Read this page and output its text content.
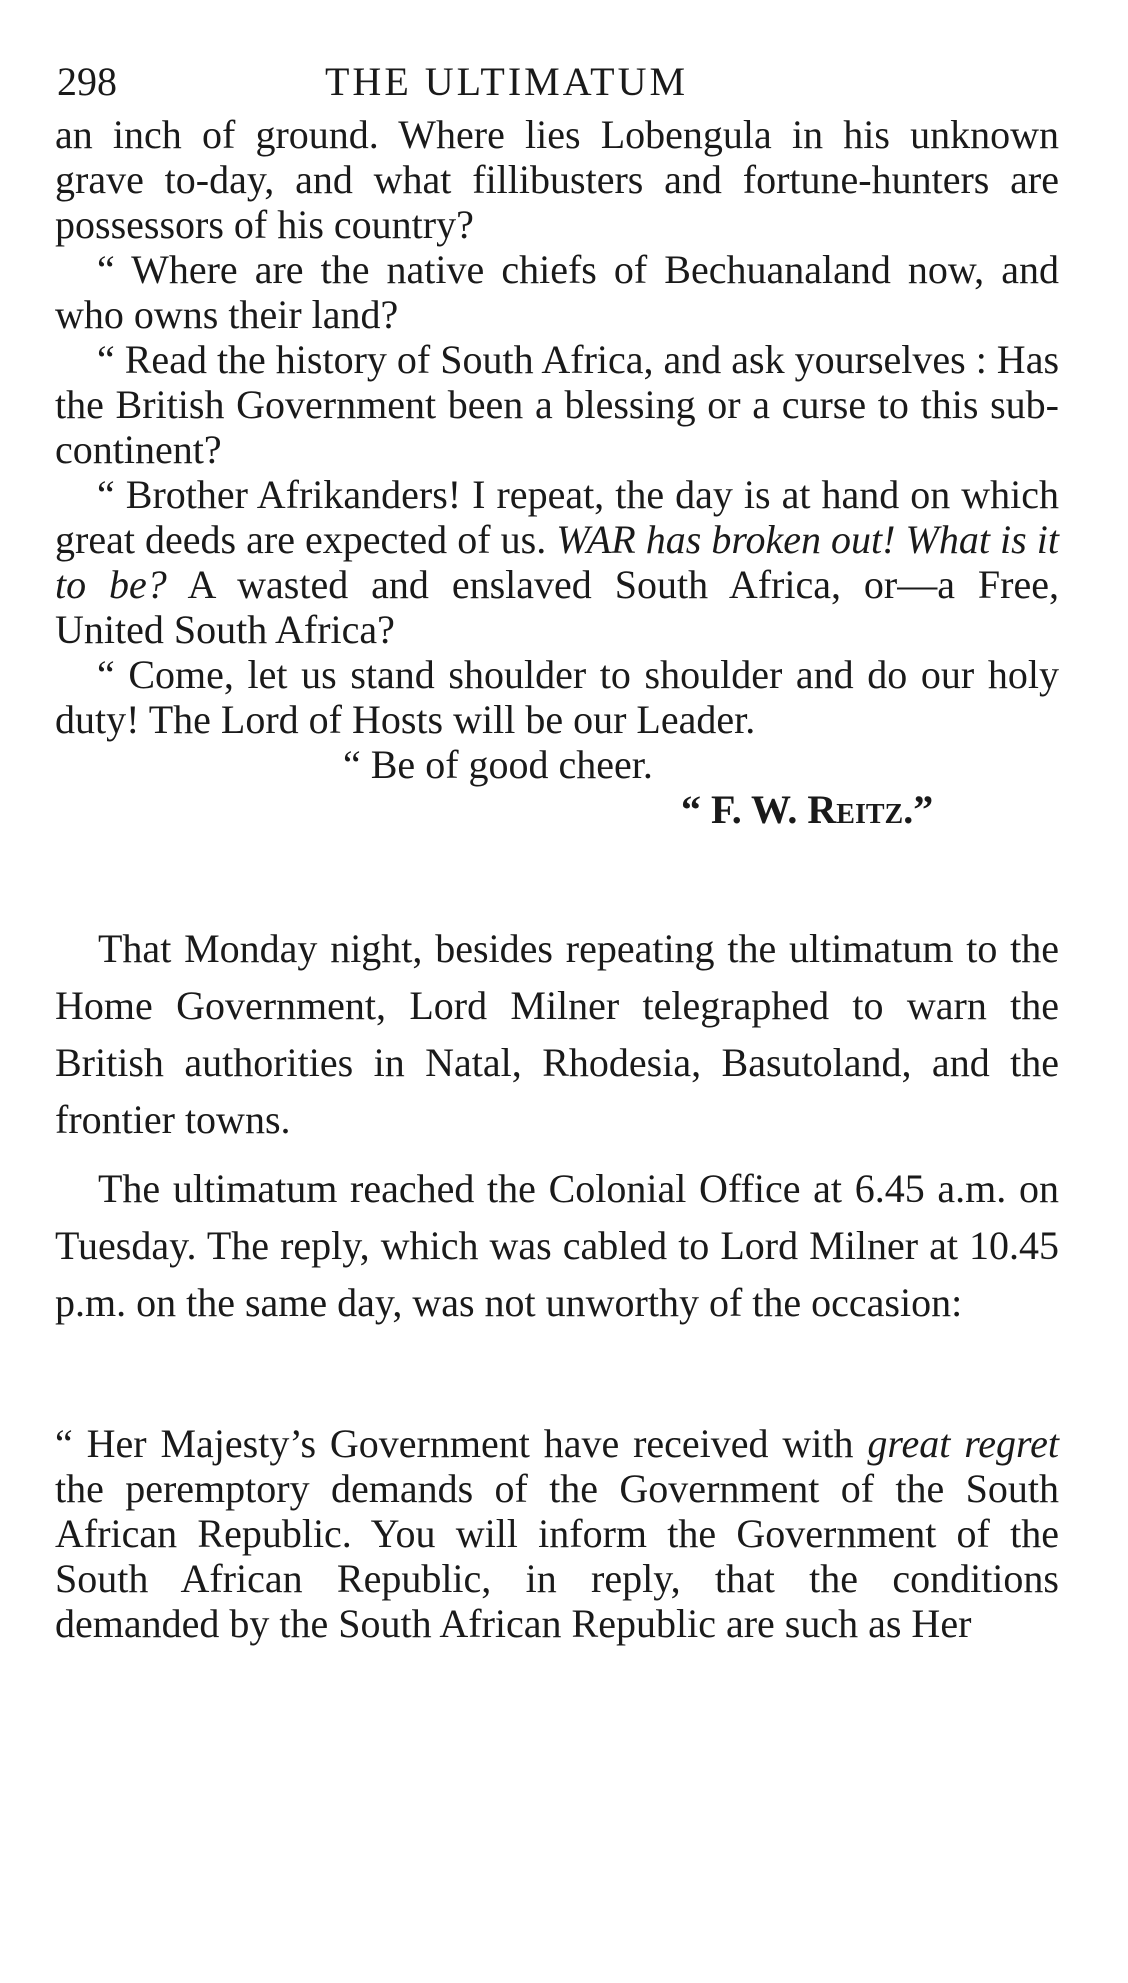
298	THE ULTIMATUM

an inch of ground. Where lies Lobengula in his unknown grave to-day, and what fillibusters and fortune-hunters are possessors of his country?

“ Where are the native chiefs of Bechuanaland now, and who owns their land?

“ Read the history of South Africa, and ask yourselves : Has the British Government been a blessing or a curse to this sub-continent?

“ Brother Afrikanders! I repeat, the day is at hand on which great deeds are expected of us. WAR has broken out! What is it to be? A wasted and enslaved South Africa, or—a Free, United South Africa?

“ Come, let us stand shoulder to shoulder and do our holy duty! The Lord of Hosts will be our Leader.

“ Be of good cheer.

“ F. W. Reitz.”

That Monday night, besides repeating the ultimatum to the Home Government, Lord Milner telegraphed to warn the British authorities in Natal, Rhodesia, Basutoland, and the frontier towns.

The ultimatum reached the Colonial Office at 6.45 a.m. on Tuesday. The reply, which was cabled to Lord Milner at 10.45 p.m. on the same day, was not unworthy of the occasion:

“ Her Majesty’s Government have received with great regret the peremptory demands of the Government of the South African Republic. You will inform the Government of the South African Republic, in reply, that the conditions demanded by the South African Republic are such as Her
